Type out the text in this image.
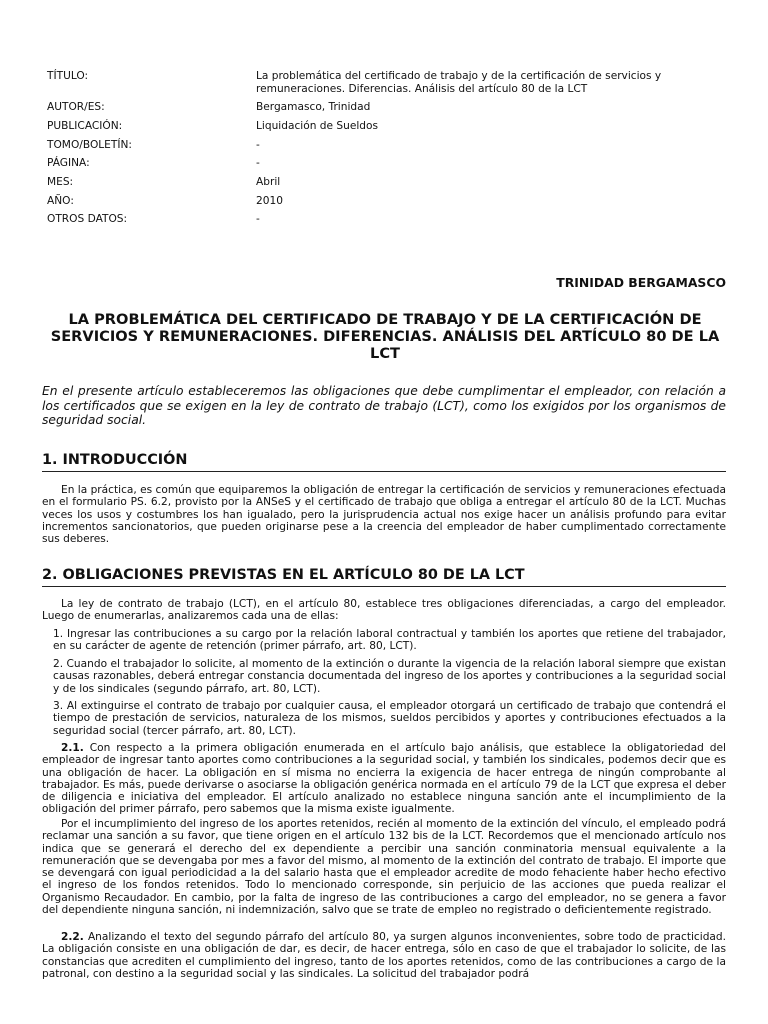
TÍTULO:	La problemática del certificado de trabajo y de la certificación de servicios y remuneraciones. Diferencias. Análisis del artículo 80 de la LCT
AUTOR/ES:	Bergamasco, Trinidad
PUBLICACIÓN:	Liquidación de Sueldos
TOMO/BOLETÍN:	-
PÁGINA:	-
MES:	Abril
AÑO:	2010
OTROS DATOS:	-
TRINIDAD BERGAMASCO
LA PROBLEMÁTICA DEL CERTIFICADO DE TRABAJO Y DE LA CERTIFICACIÓN DE SERVICIOS Y REMUNERACIONES. DIFERENCIAS. ANÁLISIS DEL ARTÍCULO 80 DE LA LCT

En el presente artículo estableceremos las obligaciones que debe cumplimentar el empleador, con relación a los certificados que se exigen en la ley de contrato de trabajo (LCT), como los exigidos por los organismos de seguridad social.

1. INTRODUCCIÓN

En la práctica, es común que equiparemos la obligación de entregar la certificación de servicios y remuneraciones efectuada en el formulario PS. 6.2, provisto por la ANSeS y el certificado de trabajo que obliga a entregar el artículo 80 de la LCT. Muchas veces los usos y costumbres los han igualado, pero la jurisprudencia actual nos exige hacer un análisis profundo para evitar incrementos sancionatorios, que pueden originarse pese a la creencia del empleador de haber cumplimentado correctamente sus deberes.

2. OBLIGACIONES PREVISTAS EN EL ARTÍCULO 80 DE LA LCT

La ley de contrato de trabajo (LCT), en el artículo 80, establece tres obligaciones diferenciadas, a cargo del empleador. Luego de enumerarlas, analizaremos cada una de ellas:

1. Ingresar las contribuciones a su cargo por la relación laboral contractual y también los aportes que retiene del trabajador, en su carácter de agente de retención (primer párrafo, art. 80, LCT).

2. Cuando el trabajador lo solicite, al momento de la extinción o durante la vigencia de la relación laboral siempre que existan causas razonables, deberá entregar constancia documentada del ingreso de los aportes y contribuciones a la seguridad social y de los sindicales (segundo párrafo, art. 80, LCT).

3. Al extinguirse el contrato de trabajo por cualquier causa, el empleador otorgará un certificado de trabajo que contendrá el tiempo de prestación de servicios, naturaleza de los mismos, sueldos percibidos y aportes y contribuciones efectuados a la seguridad social (tercer párrafo, art. 80, LCT).

2.1. Con respecto a la primera obligación enumerada en el artículo bajo análisis, que establece la obligatoriedad del empleador de ingresar tanto aportes como contribuciones a la seguridad social, y también los sindicales, podemos decir que es una obligación de hacer. La obligación en sí misma no encierra la exigencia de hacer entrega de ningún comprobante al trabajador. Es más, puede derivarse o asociarse la obligación genérica normada en el artículo 79 de la LCT que expresa el deber de diligencia e iniciativa del empleador. El artículo analizado no establece ninguna sanción ante el incumplimiento de la obligación del primer párrafo, pero sabemos que la misma existe igualmente.

Por el incumplimiento del ingreso de los aportes retenidos, recién al momento de la extinción del vínculo, el empleado podrá reclamar una sanción a su favor, que tiene origen en el artículo 132 bis de la LCT. Recordemos que el mencionado artículo nos indica que se generará el derecho del ex dependiente a percibir una sanción conminatoria mensual equivalente a la remuneración que se devengaba por mes a favor del mismo, al momento de la extinción del contrato de trabajo. El importe que se devengará con igual periodicidad a la del salario hasta que el empleador acredite de modo fehaciente haber hecho efectivo el ingreso de los fondos retenidos. Todo lo mencionado corresponde, sin perjuicio de las acciones que pueda realizar el Organismo Recaudador. En cambio, por la falta de ingreso de las contribuciones a cargo del empleador, no se genera a favor del dependiente ninguna sanción, ni indemnización, salvo que se trate de empleo no registrado o deficientemente registrado.

2.2. Analizando el texto del segundo párrafo del artículo 80, ya surgen algunos inconvenientes, sobre todo de practicidad. La obligación consiste en una obligación de dar, es decir, de hacer entrega, sólo en caso de que el trabajador lo solicite, de las constancias que acrediten el cumplimiento del ingreso, tanto de los aportes retenidos, como de las contribuciones a cargo de la patronal, con destino a la seguridad social y las sindicales. La solicitud del trabajador podrá
